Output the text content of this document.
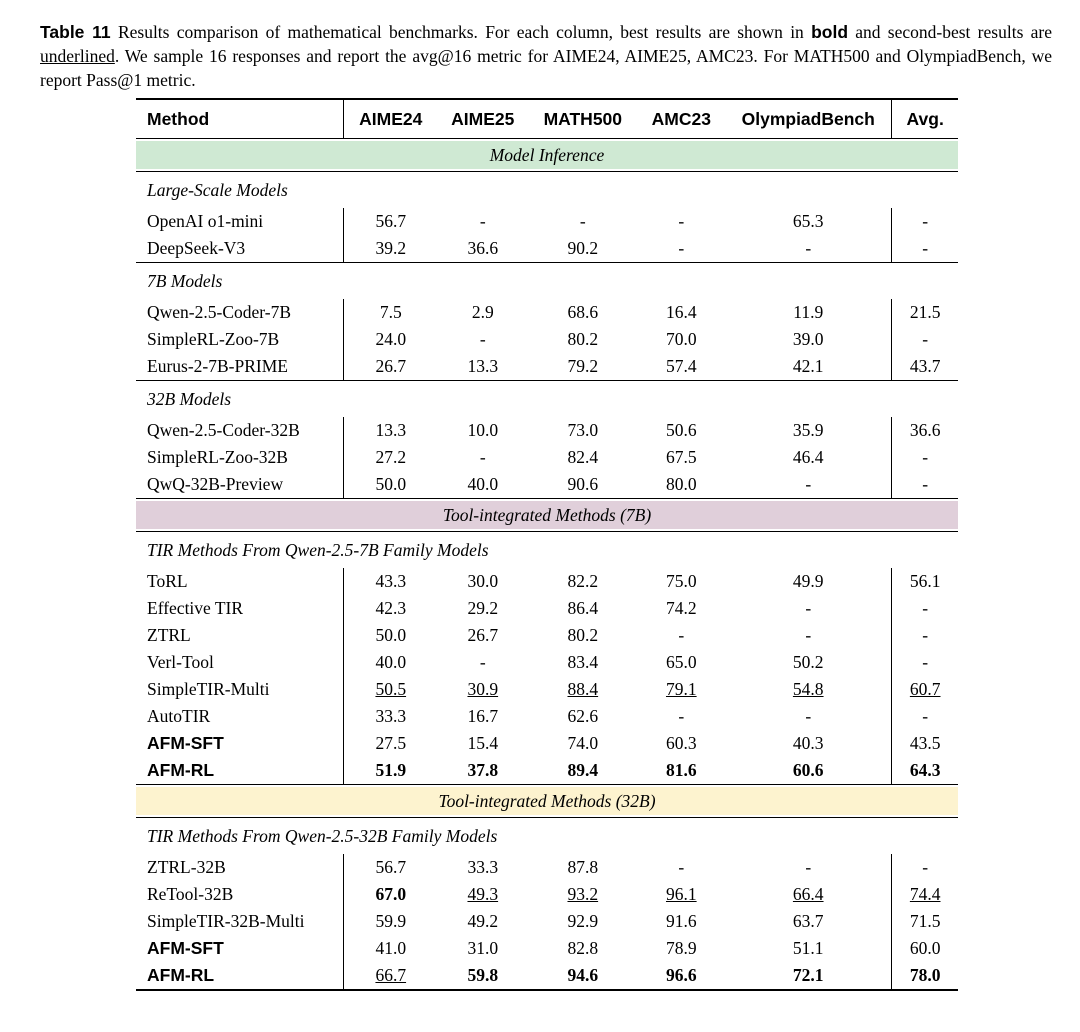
Table 11 Results comparison of mathematical benchmarks. For each column, best results are shown in bold and second-best results are underlined. We sample 16 responses and report the avg@16 metric for AIME24, AIME25, AMC23. For MATH500 and OlympiadBench, we report Pass@1 metric.
Method	AIME24	AIME25	MATH500	AMC23	OlympiadBench	Avg.

Model Inference						

Large-Scale Models						
OpenAI o1-mini	56.7	-	-	-	65.3	-
DeepSeek-V3	39.2	36.6	90.2	-	-	-
7B Models						
Qwen-2.5-Coder-7B	7.5	2.9	68.6	16.4	11.9	21.5
SimpleRL-Zoo-7B	24.0	-	80.2	70.0	39.0	-
Eurus-2-7B-PRIME	26.7	13.3	79.2	57.4	42.1	43.7
32B Models						
Qwen-2.5-Coder-32B	13.3	10.0	73.0	50.6	35.9	36.6
SimpleRL-Zoo-32B	27.2	-	82.4	67.5	46.4	-
QwQ-32B-Preview	50.0	40.0	90.6	80.0	-	-

Tool-integrated Methods (7B)						

TIR Methods From Qwen-2.5-7B Family Models						
ToRL	43.3	30.0	82.2	75.0	49.9	56.1
Effective TIR	42.3	29.2	86.4	74.2	-	-
ZTRL	50.0	26.7	80.2	-	-	-
Verl-Tool	40.0	-	83.4	65.0	50.2	-
SimpleTIR-Multi	50.5	30.9	88.4	79.1	54.8	60.7
AutoTIR	33.3	16.7	62.6	-	-	-
AFM-SFT	27.5	15.4	74.0	60.3	40.3	43.5
AFM-RL	51.9	37.8	89.4	81.6	60.6	64.3

Tool-integrated Methods (32B)						

TIR Methods From Qwen-2.5-32B Family Models						
ZTRL-32B	56.7	33.3	87.8	-	-	-
ReTool-32B	67.0	49.3	93.2	96.1	66.4	74.4
SimpleTIR-32B-Multi	59.9	49.2	92.9	91.6	63.7	71.5
AFM-SFT	41.0	31.0	82.8	78.9	51.1	60.0
AFM-RL	66.7	59.8	94.6	96.6	72.1	78.0
